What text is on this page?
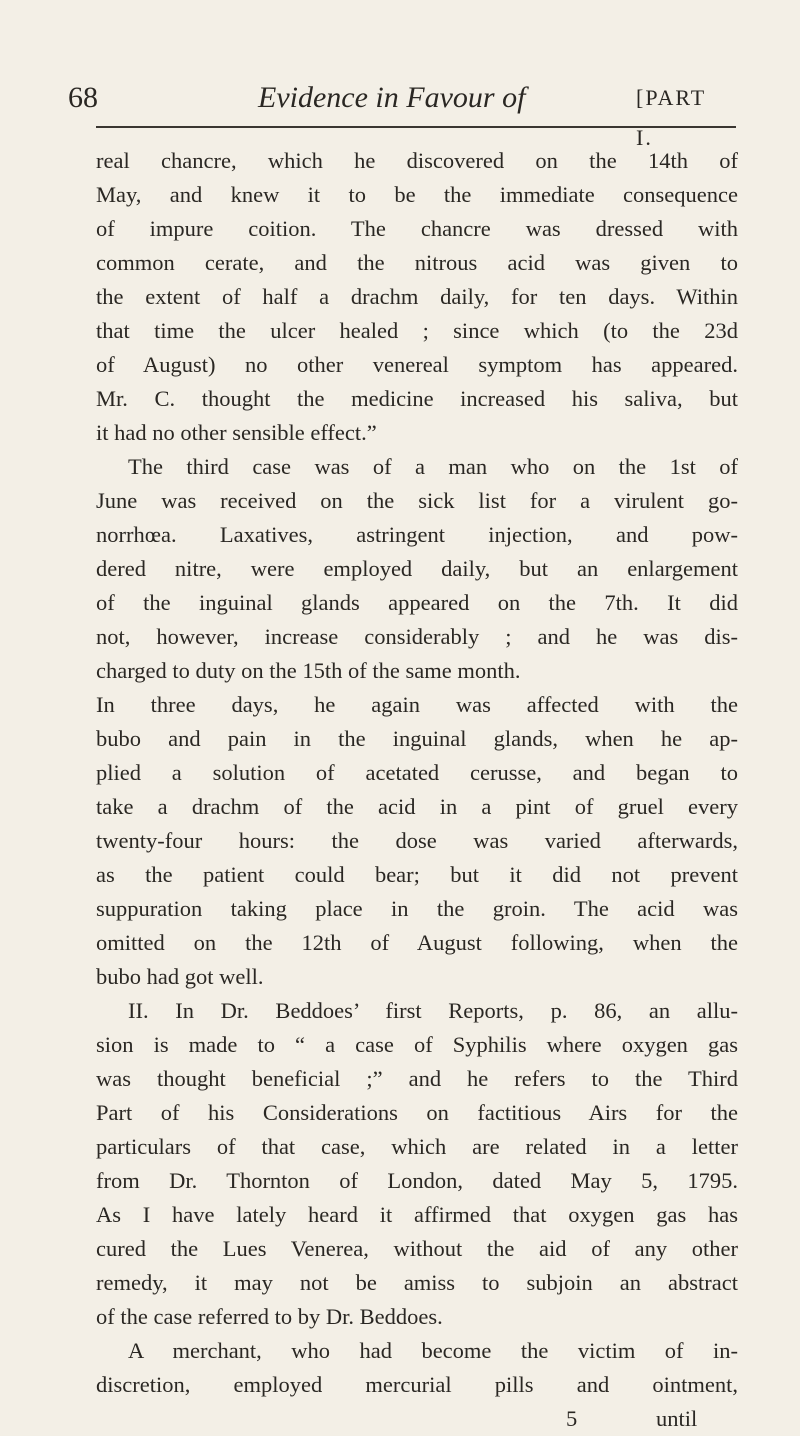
68	Evidence in Favour of	[PART I.
real chancre, which he discovered on the 14th of
May, and knew it to be the immediate consequence
of impure coition. The chancre was dressed with
common cerate, and the nitrous acid was given to
the extent of half a drachm daily, for ten days. Within
that time the ulcer healed ; since which (to the 23d
of August) no other venereal symptom has appeared.
Mr. C. thought the medicine increased his saliva, but
it had no other sensible effect.”
The third case was of a man who on the 1st of
June was received on the sick list for a virulent go-
norrhœa. Laxatives, astringent injection, and pow-
dered nitre, were employed daily, but an enlargement
of the inguinal glands appeared on the 7th. It did
not, however, increase considerably ; and he was dis-
charged to duty on the 15th of the same month.
In three days, he again was affected with the
bubo and pain in the inguinal glands, when he ap-
plied a solution of acetated cerusse, and began to
take a drachm of the acid in a pint of gruel every
twenty-four hours: the dose was varied afterwards,
as the patient could bear; but it did not prevent
suppuration taking place in the groin. The acid was
omitted on the 12th of August following, when the
bubo had got well.
II. In Dr. Beddoes’ first Reports, p. 86, an allu-
sion is made to “ a case of Syphilis where oxygen gas
was thought beneficial ;” and he refers to the Third
Part of his Considerations on factitious Airs for the
particulars of that case, which are related in a letter
from Dr. Thornton of London, dated May 5, 1795.
As I have lately heard it affirmed that oxygen gas has
cured the Lues Venerea, without the aid of any other
remedy, it may not be amiss to subjoin an abstract
of the case referred to by Dr. Beddoes.
A merchant, who had become the victim of in-
discretion, employed mercurial pills and ointment,
5	until
